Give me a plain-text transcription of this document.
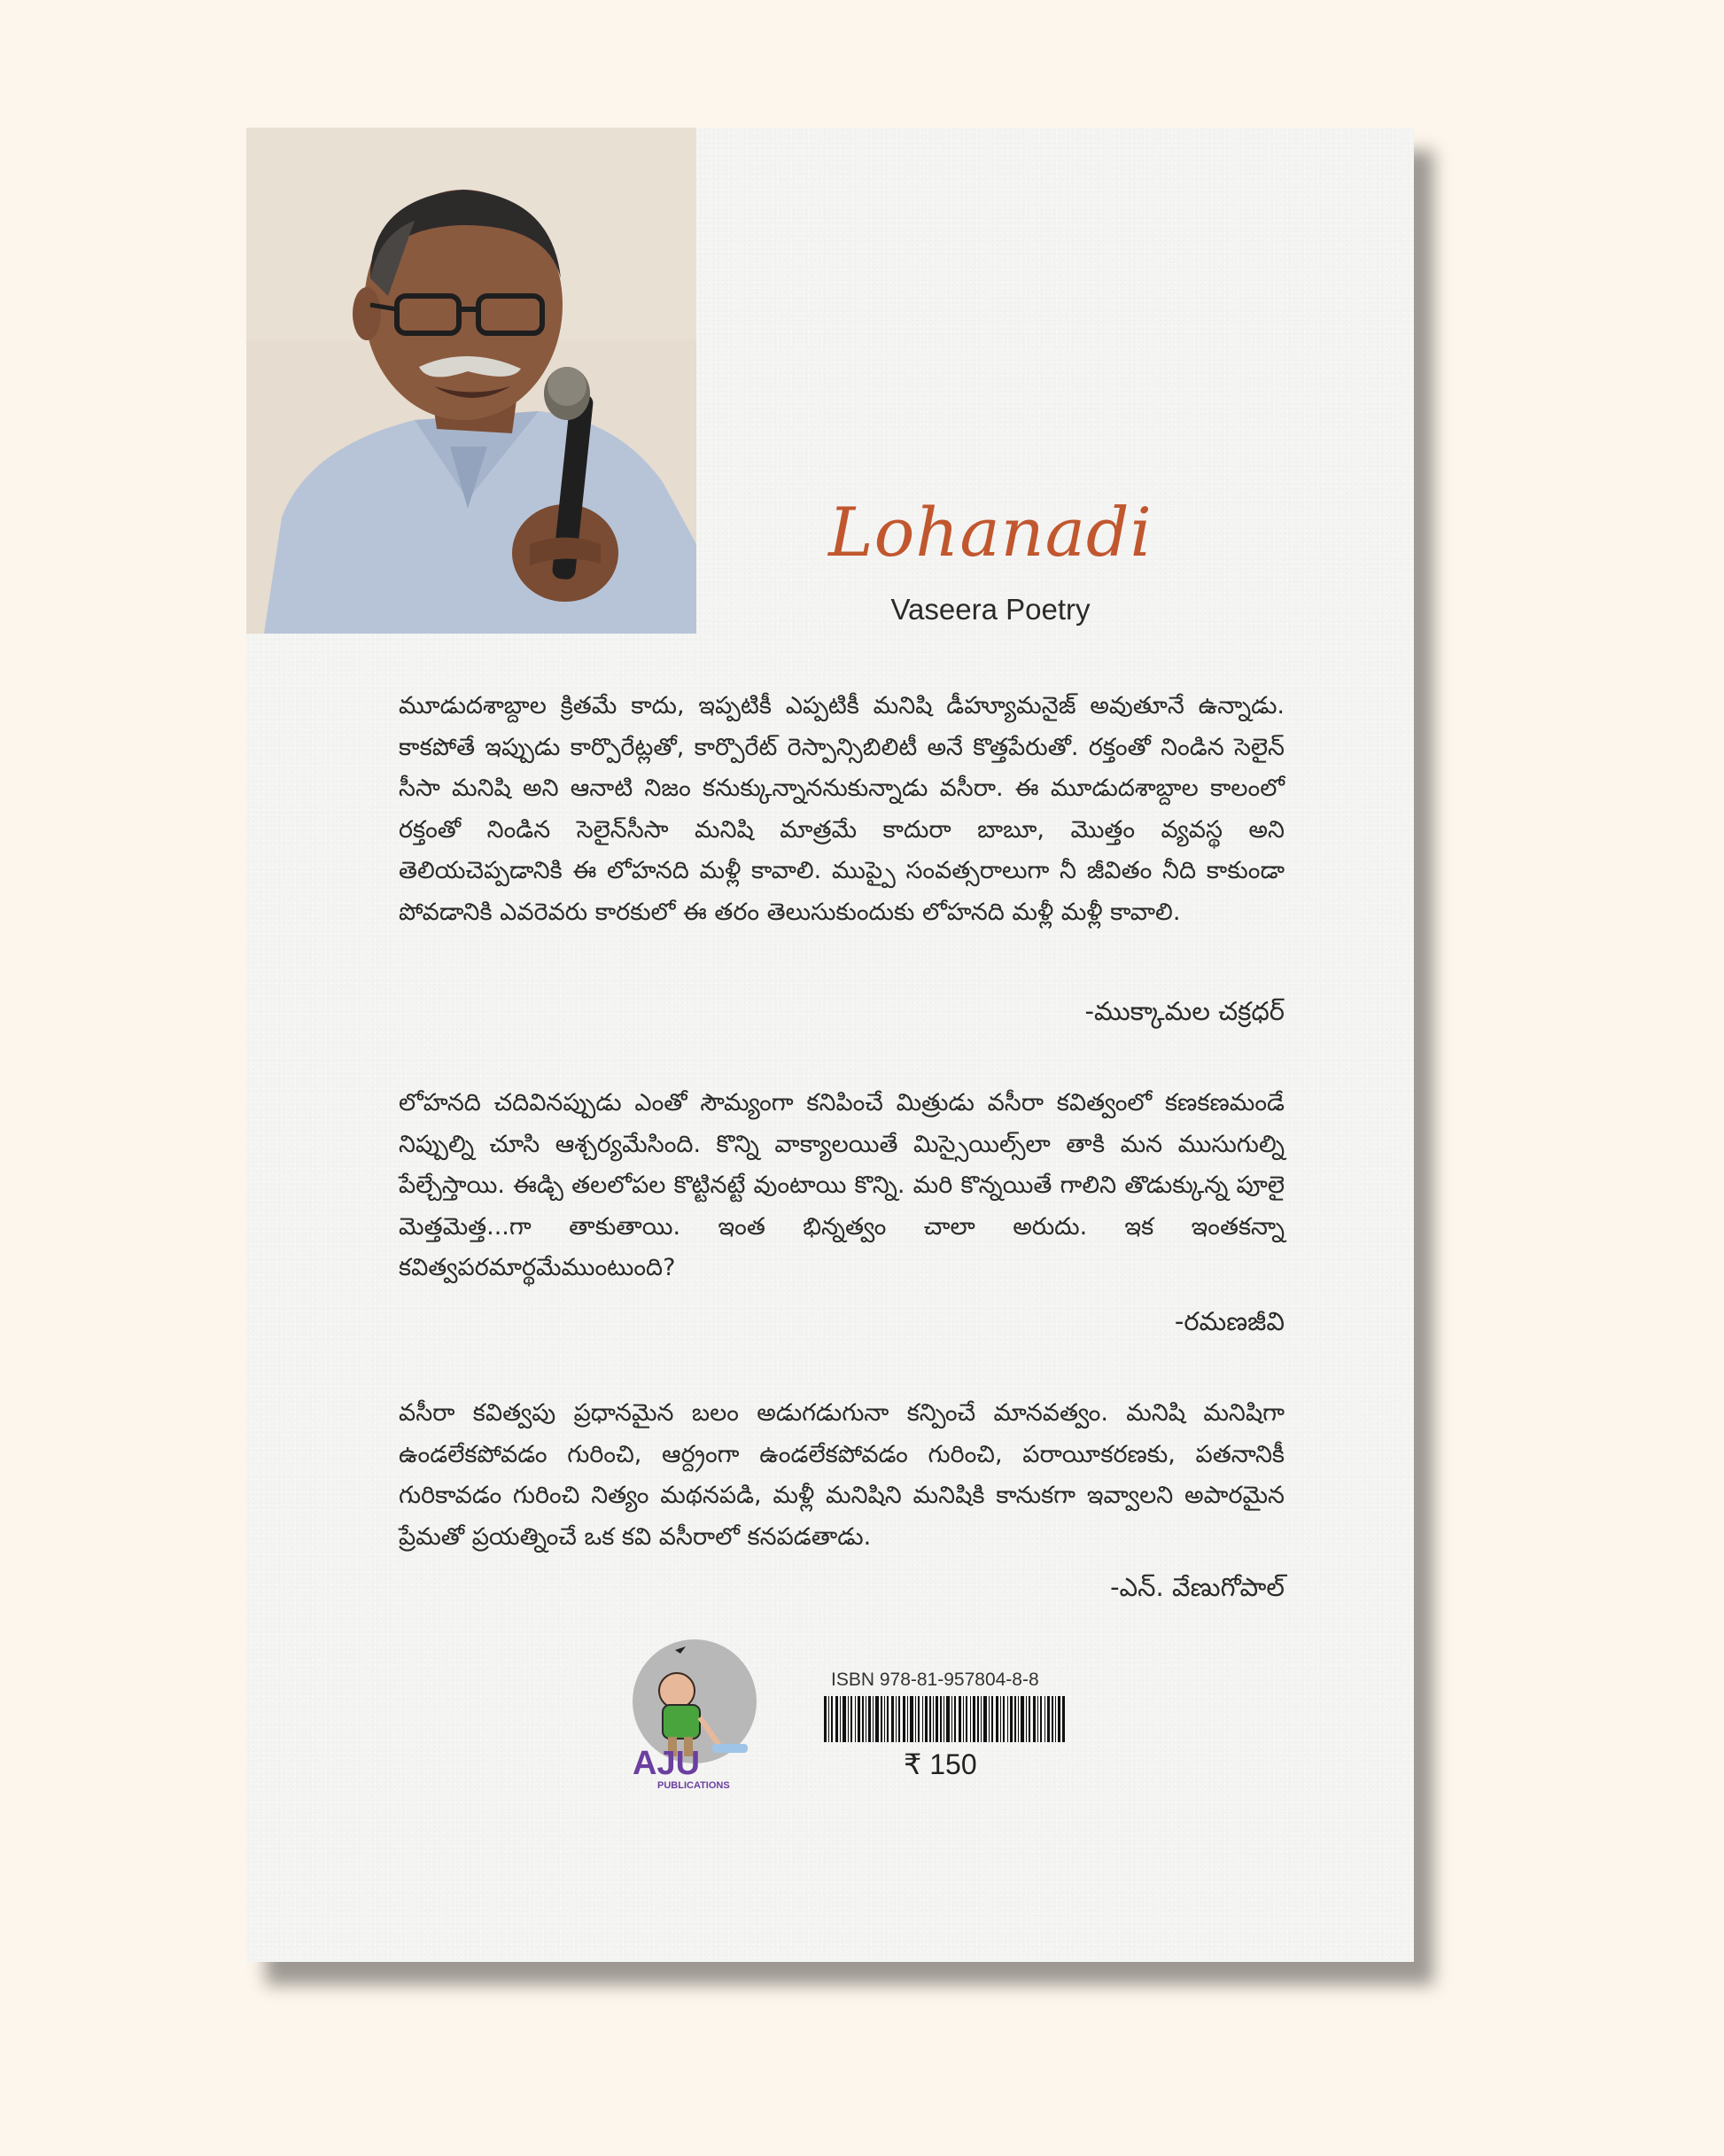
Lohanadi
Vaseera Poetry
మూడుదశాబ్దాల క్రితమే కాదు, ఇప్పటికీ ఎప్పటికీ మనిషి డీహ్యూమనైజ్ అవుతూనే ఉన్నాడు. కాకపోతే ఇప్పుడు కార్పొరేట్లతో, కార్పొరేట్ రెస్పాన్సిబిలిటీ అనే కొత్తపేరుతో. రక్తంతో నిండిన సెలైన్ సీసా మనిషి అని ఆనాటి నిజం కనుక్కున్నాననుకున్నాడు వసీరా. ఈ మూడుదశాబ్దాల కాలంలో రక్తంతో నిండిన సెలైన్‌సీసా మనిషి మాత్రమే కాదురా బాబూ, మొత్తం వ్యవస్థ అని తెలియచెప్పడానికి ఈ లోహనది మళ్లీ కావాలి. ముప్పై సంవత్సరాలుగా నీ జీవితం నీది కాకుండా పోవడానికి ఎవరెవరు కారకులో ఈ తరం తెలుసుకుందుకు లోహనది మళ్లీ మళ్లీ కావాలి.
-ముక్కామల చక్రధర్
లోహనది చదివినప్పుడు ఎంతో సౌమ్యంగా కనిపించే మిత్రుడు వసీరా కవిత్వంలో కణకణమండే నిప్పుల్ని చూసి ఆశ్చర్యమేసింది. కొన్ని వాక్యాలయితే మిస్సైయిల్స్‌లా తాకి మన ముసుగుల్ని పేల్చేస్తాయి. ఈడ్చి తలలోపల కొట్టినట్టే వుంటాయి కొన్ని. మరి కొన్నయితే గాలిని తొడుక్కున్న పూలై మెత్తమెత్త...గా తాకుతాయి. ఇంత భిన్నత్వం చాలా అరుదు. ఇక ఇంతకన్నా కవిత్వపరమార్థమేముంటుంది?
-రమణజీవి
వసీరా కవిత్వపు ప్రధానమైన బలం అడుగడుగునా కన్పించే మానవత్వం. మనిషి మనిషిగా ఉండలేకపోవడం గురించి, ఆర్ద్రంగా ఉండలేకపోవడం గురించి, పరాయీకరణకు, పతనానికీ గురికావడం గురించి నిత్యం మథనపడి, మళ్లీ మనిషిని మనిషికి కానుకగా ఇవ్వాలని అపారమైన ప్రేమతో ప్రయత్నించే ఒక కవి వసీరాలో కనపడతాడు.
-ఎన్. వేణుగోపాల్
AJU
PUBLICATIONS
ISBN 978-81-957804-8-8
₹ 150
